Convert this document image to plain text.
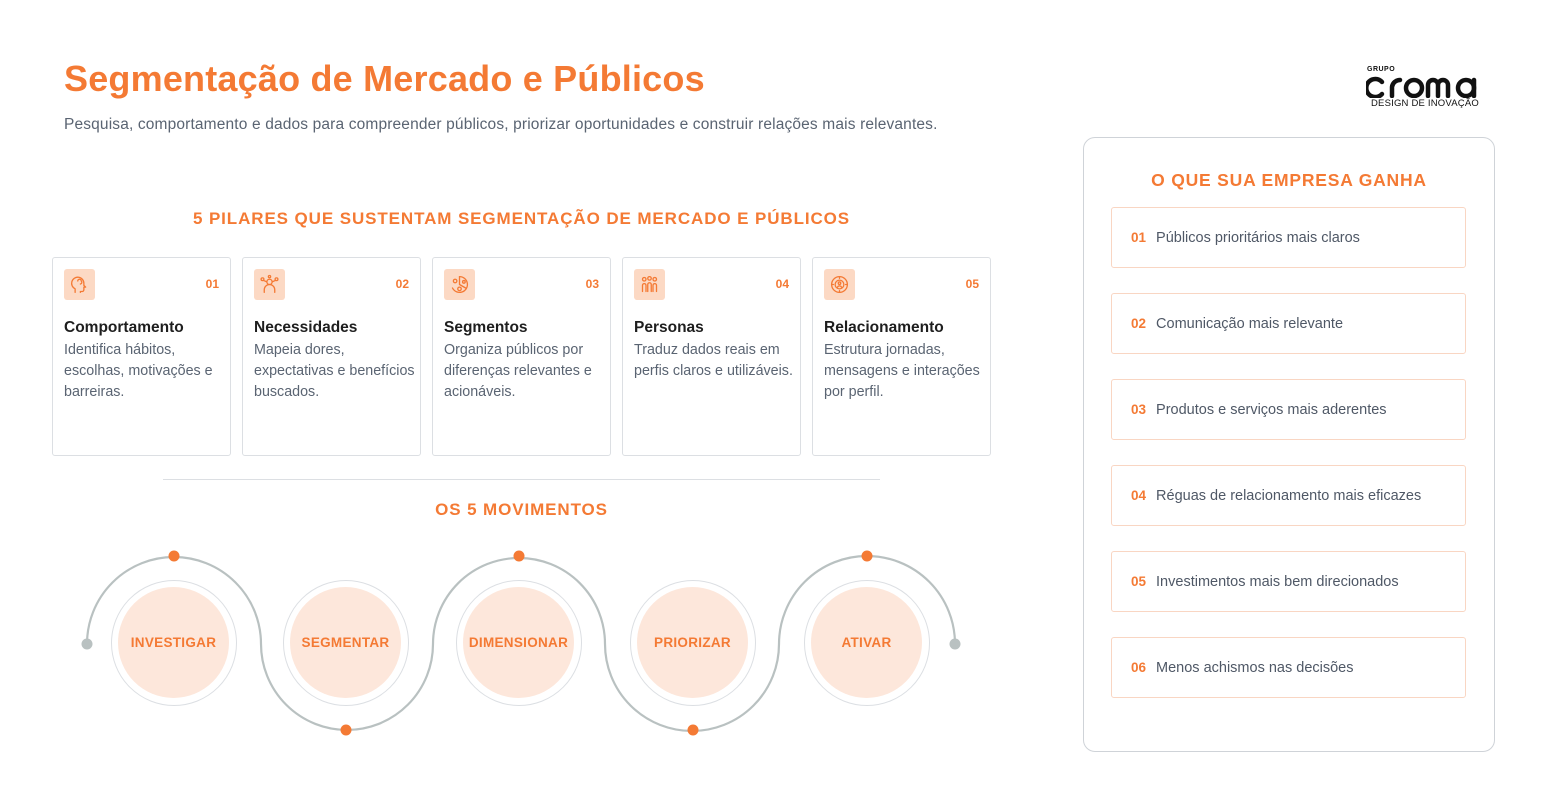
Segmentação de Mercado e Públicos
Pesquisa, comportamento e dados para compreender públicos, priorizar oportunidades e construir relações mais relevantes.
GRUPO
DESIGN DE INOVAÇÃO
5 PILARES QUE SUSTENTAM SEGMENTAÇÃO DE MERCADO E PÚBLICOS
01
Comportamento
Identifica hábitos, escolhas, motivações e barreiras.
02
Necessidades
Mapeia dores, expectativas e benefícios buscados.
03
Segmentos
Organiza públicos por diferenças relevantes e acionáveis.
04
Personas
Traduz dados reais em perfis claros e utilizáveis.
05
Relacionamento
Estrutura jornadas, mensagens e interações por perfil.
OS 5 MOVIMENTOS
INVESTIGAR	SEGMENTAR	DIMENSIONAR	PRIORIZAR	ATIVAR
O QUE SUA EMPRESA GANHA
01 Públicos prioritários mais claros
02 Comunicação mais relevante
03 Produtos e serviços mais aderentes
04 Réguas de relacionamento mais eficazes
05 Investimentos mais bem direcionados
06 Menos achismos nas decisões
